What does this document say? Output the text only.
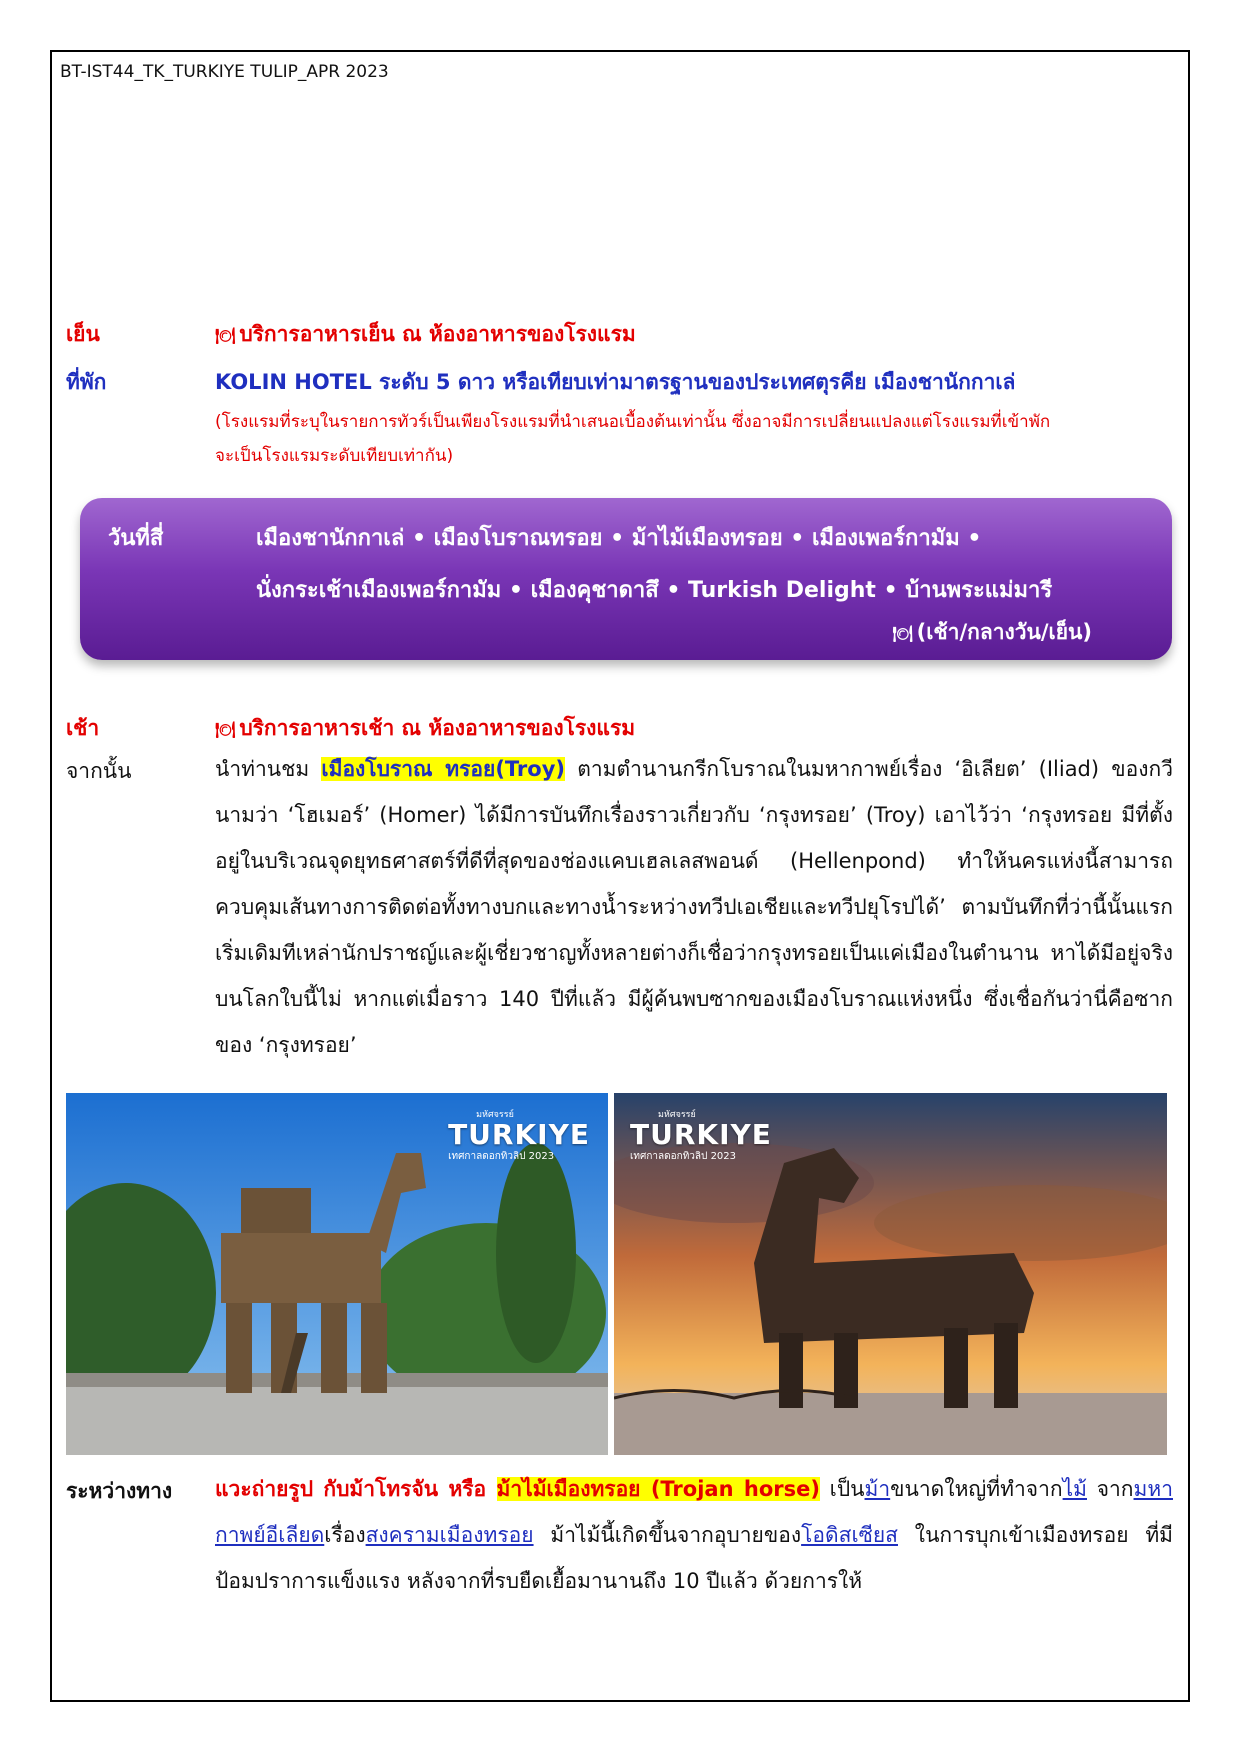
BT-IST44_TK_TURKIYE TULIP_APR 2023
เย็น	🍽 บริการอาหารเย็น ณ ห้องอาหารของโรงแรม
ที่พัก	KOLIN HOTEL ระดับ 5 ดาว หรือเทียบเท่ามาตรฐานของประเทศตุรคีย เมืองชานักกาเล่
(โรงแรมที่ระบุในรายการทัวร์เป็นเพียงโรงแรมที่นำเสนอเบื้องต้นเท่านั้น ซึ่งอาจมีการเปลี่ยนแปลงแต่โรงแรมที่เข้าพัก
จะเป็นโรงแรมระดับเทียบเท่ากัน)
วันที่สี่	เมืองชานักกาเล่ • เมืองโบราณทรอย • ม้าไม้เมืองทรอย • เมืองเพอร์กามัม •
นั่งกระเช้าเมืองเพอร์กามัม • เมืองคุชาดาสึ • Turkish Delight • บ้านพระแม่มารี
🍽 (เช้า/กลางวัน/เย็น)
เช้า	🍽 บริการอาหารเช้า ณ ห้องอาหารของโรงแรม
จากนั้น	นำท่านชม เมืองโบราณ ทรอย(Troy) ตามตำนานกรีกโบราณในมหากาพย์เรื่อง ‘อิเลียต’ (Iliad) ของกวีนามว่า ‘โฮเมอร์’ (Homer) ได้มีการบันทึกเรื่องราวเกี่ยวกับ ‘กรุงทรอย’ (Troy) เอาไว้ว่า ‘กรุงทรอย มีที่ตั้งอยู่ในบริเวณจุดยุทธศาสตร์ที่ดีที่สุดของช่องแคบเฮลเลสพอนด์ (Hellenpond) ทำให้นครแห่งนี้สามารถควบคุมเส้นทางการติดต่อทั้งทางบกและทางน้ำระหว่างทวีปเอเชียและทวีปยุโรปได้’ ตามบันทึกที่ว่านี้นั้นแรกเริ่มเดิมทีเหล่านักปราชญ์และผู้เชี่ยวชาญทั้งหลายต่างก็เชื่อว่ากรุงทรอยเป็นแค่เมืองในตำนาน หาได้มีอยู่จริงบนโลกใบนี้ไม่ หากแต่เมื่อราว 140 ปีที่แล้ว มีผู้ค้นพบซากของเมืองโบราณแห่งหนึ่ง ซึ่งเชื่อกันว่านี่คือซากของ ‘กรุงทรอย’
มหัศจรรย์
TURKIYE
เทศกาลดอกทิวลิป 2023
มหัศจรรย์
TURKIYE
เทศกาลดอกทิวลิป 2023
ระหว่างทาง แวะถ่ายรูป กับม้าโทรจัน หรือ ม้าไม้เมืองทรอย (Trojan horse) เป็นม้าขนาดใหญ่ที่ทำจากไม้ จากมหากาพย์อีเลียดเรื่องสงครามเมืองทรอย ม้าไม้นี้เกิดขึ้นจากอุบายของโอดิสเซียส ในการบุกเข้าเมืองทรอย ที่มีป้อมปราการแข็งแรง หลังจากที่รบยืดเยื้อมานานถึง 10 ปีแล้ว ด้วยการให้
